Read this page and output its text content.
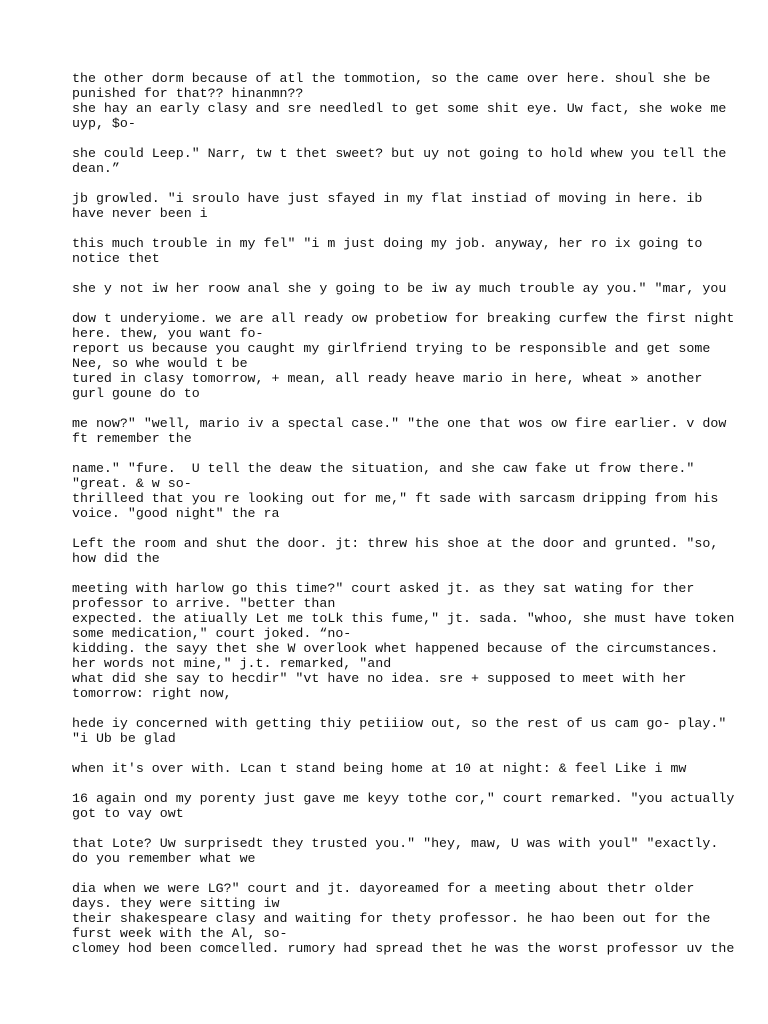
the other dorm because of atl the tommotion, so the came over here. shoul she be
punished for that?? hinanmn??
she hay an early clasy and sre needledl to get some shit eye. Uw fact, she woke me
uyp, $o-
she could Leep." Narr, tw t thet sweet? but uy not going to hold whew you tell the
dean.”
jb growled. "i sroulo have just sfayed in my flat instiad of moving in here. ib
have never been i
this much trouble in my fel" "i m just doing my job. anyway, her ro ix going to
notice thet
she y not iw her roow anal she y going to be iw ay much trouble ay you." "mar, you
dow t underyiome. we are all ready ow probetiow for breaking curfew the first night
here. thew, you want fo-
report us because you caught my girlfriend trying to be responsible and get some
Nee, so whe would t be
tured in clasy tomorrow, + mean, all ready heave mario in here, wheat » another
gurl goune do to
me now?" "well, mario iv a spectal case." "the one that wos ow fire earlier. v dow
ft remember the
name." "fure.  U tell the deaw the situation, and she caw fake ut frow there."
"great. & w so-
thrilleed that you re looking out for me," ft sade with sarcasm dripping from his
voice. "good night" the ra
Left the room and shut the door. jt: threw his shoe at the door and grunted. "so,
how did the
meeting with harlow go this time?" court asked jt. as they sat wating for ther
professor to arrive. "better than
expected. the atiually Let me toLk this fume," jt. sada. "whoo, she must have token
some medication," court joked. “no-
kidding. the sayy thet she W overlook whet happened because of the circumstances.
her words not mine," j.t. remarked, "and
what did she say to hecdir" "vt have no idea. sre + supposed to meet with her
tomorrow: right now,
hede iy concerned with getting thiy petiiiow out, so the rest of us cam go- play."
"i Ub be glad
when it's over with. Lcan t stand being home at 10 at night: & feel Like i mw
16 again ond my porenty just gave me keyy tothe cor," court remarked. "you actually
got to vay owt
that Lote? Uw surprisedt they trusted you." "hey, maw, U was with youl" "exactly.
do you remember what we
dia when we were LG?" court and jt. dayoreamed for a meeting about thetr older
days. they were sitting iw
their shakespeare clasy and waiting for thety professor. he hao been out for the
furst week with the Al, so-
clomey hod been comcelled. rumory had spread thet he was the worst professor uv the
